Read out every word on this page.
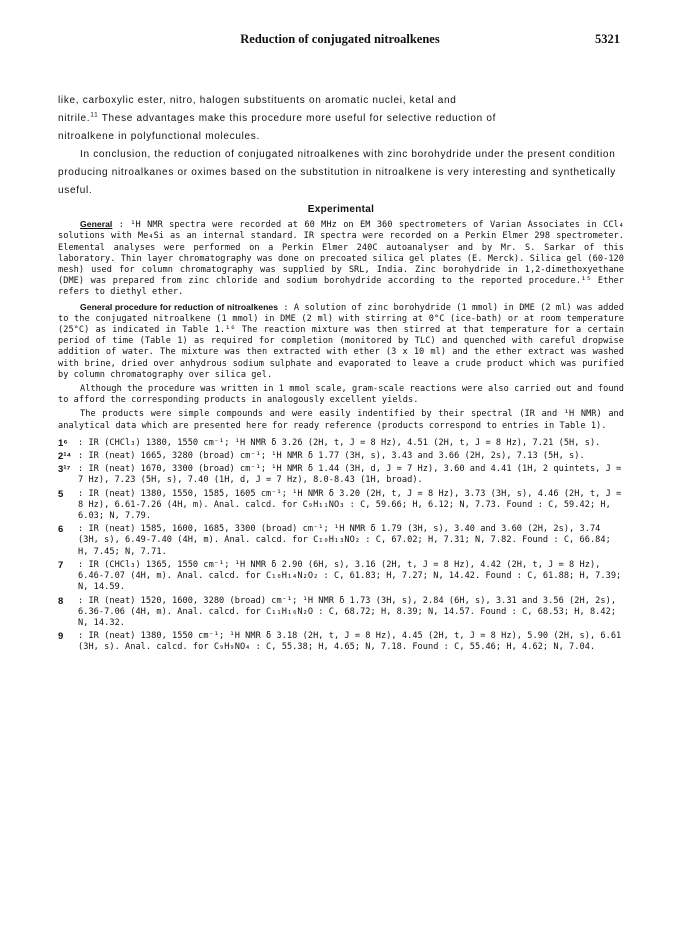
Reduction of conjugated nitroalkenes	5321

like, carboxylic ester, nitro, halogen substituents on aromatic nuclei, ketal and

nitrile.$^{11}$ These advantages make this procedure more useful for selective reduction of

nitroalkene in polyfunctional molecules.

In conclusion, the reduction of conjugated nitroalkenes with zinc borohydride under the present condition producing nitroalkanes or oximes based on the substitution in nitroalkene is very interesting and synthetically useful.

Experimental

General : ¹H NMR spectra were recorded at 60 MHz on EM 360 spectrometers of Varian Associates in CCl₄ solutions with Me₄Si as an internal standard. IR spectra were recorded on a Perkin Elmer 298 spectrometer. Elemental analyses were performed on a Perkin Elmer 240C autoanalyser and by Mr. S. Sarkar of this laboratory. Thin layer chromatography was done on precoated silica gel plates (E. Merck). Silica gel (60-120 mesh) used for column chromatography was supplied by SRL, India. Zinc borohydride in 1,2-dimethoxyethane (DME) was prepared from zinc chloride and sodium borohydride according to the reported procedure.¹⁵ Ether refers to diethyl ether.

General procedure for reduction of nitroalkenes : A solution of zinc borohydride (1 mmol) in DME (2 ml) was added to the conjugated nitroalkene (1 mmol) in DME (2 ml) with stirring at 0°C (ice-bath) or at room temperature (25°C) as indicated in Table 1.¹⁶ The reaction mixture was then stirred at that temperature for a certain period of time (Table 1) as required for completion (monitored by TLC) and quenched with careful dropwise addition of water. The mixture was then extracted with ether (3 x 10 ml) and the ether extract was washed with brine, dried over anhydrous sodium sulphate and evaporated to leave a crude product which was purified by column chromatography over silica gel.

Although the procedure was written in 1 mmol scale, gram-scale reactions were also carried out and found to afford the corresponding products in analogously excellent yields.

The products were simple compounds and were easily indentified by their spectral (IR and ¹H NMR) and analytical data which are presented here for ready reference (products correspond to entries in Table 1).

1⁶ : IR (CHCl₃) 1380, 1550 cm⁻¹; ¹H NMR δ 3.26 (2H, t, J = 8 Hz), 4.51 (2H, t, J = 8 Hz), 7.21 (5H, s).
2¹⁴ : IR (neat) 1665, 3280 (broad) cm⁻¹; ¹H NMR δ 1.77 (3H, s), 3.43 and 3.66 (2H, 2s), 7.13 (5H, s).
3¹⁷ : IR (neat) 1670, 3300 (broad) cm⁻¹; ¹H NMR δ 1.44 (3H, d, J = 7 Hz), 3.60 and 4.41 (1H, 2 quintets, J = 7 Hz), 7.23 (5H, s), 7.40 (1H, d, J = 7 Hz), 8.0-8.43 (1H, broad).
5 : IR (neat) 1380, 1550, 1585, 1605 cm⁻¹; ¹H NMR δ 3.20 (2H, t, J = 8 Hz), 3.73 (3H, s), 4.46 (2H, t, J = 8 Hz), 6.61-7.26 (4H, m). Anal. calcd. for C₉H₁₁NO₃ : C, 59.66; H, 6.12; N, 7.73. Found : C, 59.42; H, 6.03; N, 7.79.
6 : IR (neat) 1585, 1600, 1685, 3300 (broad) cm⁻¹; ¹H NMR δ 1.79 (3H, s), 3.40 and 3.60 (2H, 2s), 3.74 (3H, s), 6.49-7.40 (4H, m). Anal. calcd. for C₁₀H₁₃NO₂ : C, 67.02; H, 7.31; N, 7.82. Found : C, 66.84; H, 7.45; N, 7.71.
7 : IR (CHCl₃) 1365, 1550 cm⁻¹; ¹H NMR δ 2.90 (6H, s), 3.16 (2H, t, J = 8 Hz), 4.42 (2H, t, J = 8 Hz), 6.46-7.07 (4H, m). Anal. calcd. for C₁₀H₁₄N₂O₂ : C, 61.83; H, 7.27; N, 14.42. Found : C, 61.88; H, 7.39; N, 14.59.
8 : IR (neat) 1520, 1600, 3280 (broad) cm⁻¹; ¹H NMR δ 1.73 (3H, s), 2.84 (6H, s), 3.31 and 3.56 (2H, 2s), 6.36-7.06 (4H, m). Anal. calcd. for C₁₁H₁₆N₂O : C, 68.72; H, 8.39; N, 14.57. Found : C, 68.53; H, 8.42; N, 14.32.
9 : IR (neat) 1380, 1550 cm⁻¹; ¹H NMR δ 3.18 (2H, t, J = 8 Hz), 4.45 (2H, t, J = 8 Hz), 5.90 (2H, s), 6.61 (3H, s). Anal. calcd. for C₉H₉NO₄ : C, 55.38; H, 4.65; N, 7.18. Found : C, 55.46; H, 4.62; N, 7.04.
